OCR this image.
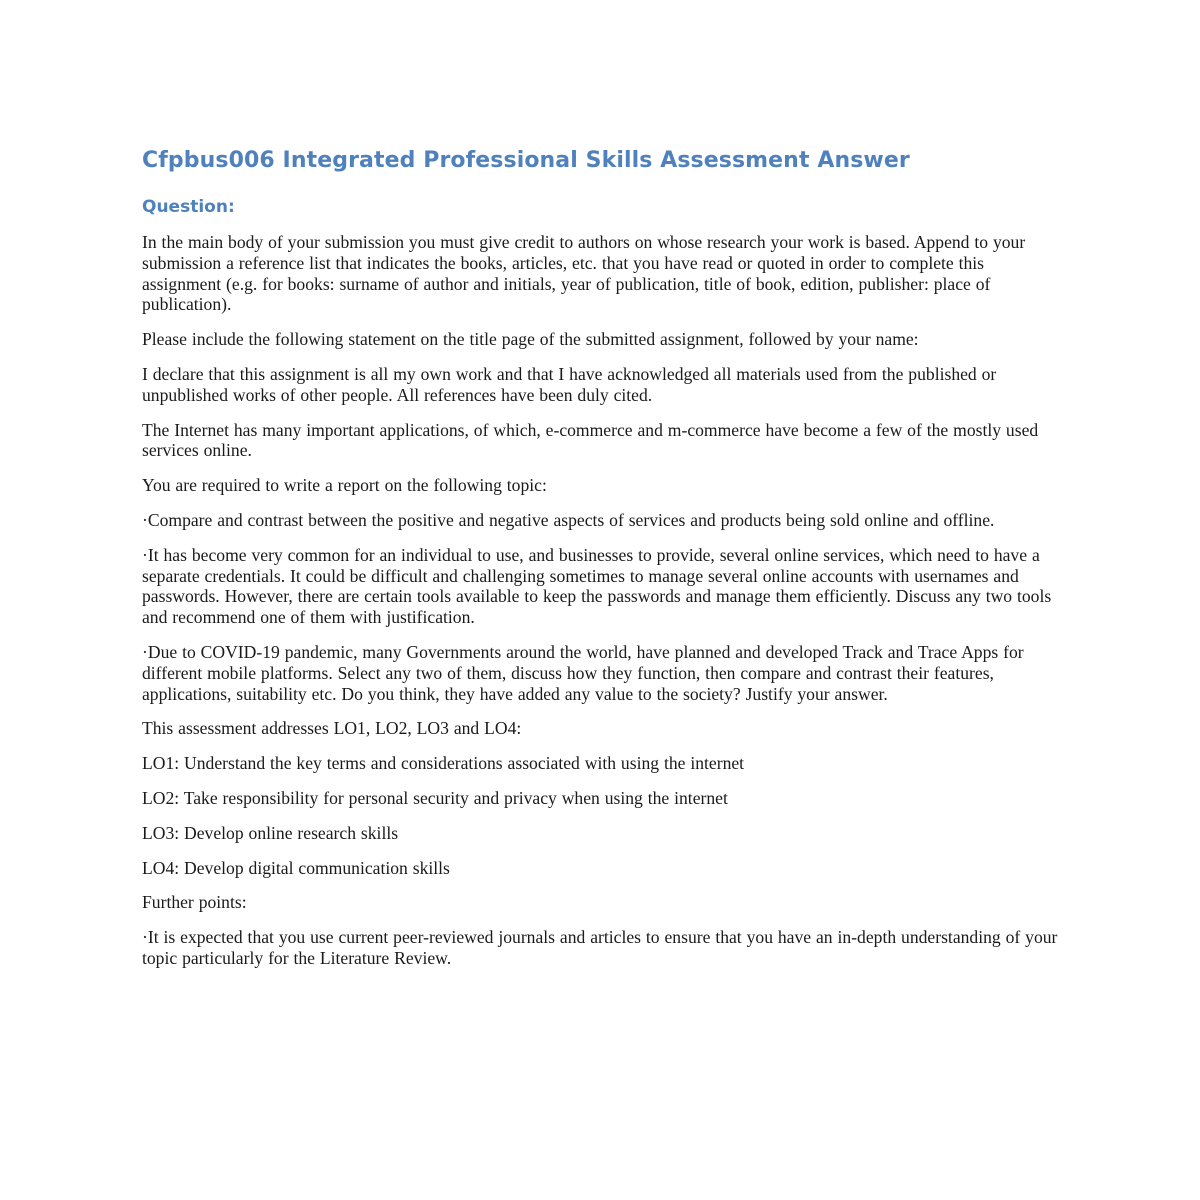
Cfpbus006 Integrated Professional Skills Assessment Answer
Question:

In the main body of your submission you must give credit to authors on whose research your work is based. Append to your submission a reference list that indicates the books, articles, etc. that you have read or quoted in order to complete this assignment (e.g. for books: surname of author and initials, year of publication, title of book, edition, publisher: place of publication).

Please include the following statement on the title page of the submitted assignment, followed by your name:

I declare that this assignment is all my own work and that I have acknowledged all materials used from the published or unpublished works of other people. All references have been duly cited.

The Internet has many important applications, of which, e-commerce and m-commerce have become a few of the mostly used services online.

You are required to write a report on the following topic:

·Compare and contrast between the positive and negative aspects of services and products being sold online and offline.

·It has become very common for an individual to use, and businesses to provide, several online services, which need to have a separate credentials. It could be difficult and challenging sometimes to manage several online accounts with usernames and passwords. However, there are certain tools available to keep the passwords and manage them efficiently. Discuss any two tools and recommend one of them with justification.

·Due to COVID-19 pandemic, many Governments around the world, have planned and developed Track and Trace Apps for different mobile platforms. Select any two of them, discuss how they function, then compare and contrast their features, applications, suitability etc. Do you think, they have added any value to the society? Justify your answer.

This assessment addresses LO1, LO2, LO3 and LO4:

LO1: Understand the key terms and considerations associated with using the internet

LO2: Take responsibility for personal security and privacy when using the internet

LO3: Develop online research skills

LO4: Develop digital communication skills

Further points:

·It is expected that you use current peer-reviewed journals and articles to ensure that you have an in-depth understanding of your topic particularly for the Literature Review.
